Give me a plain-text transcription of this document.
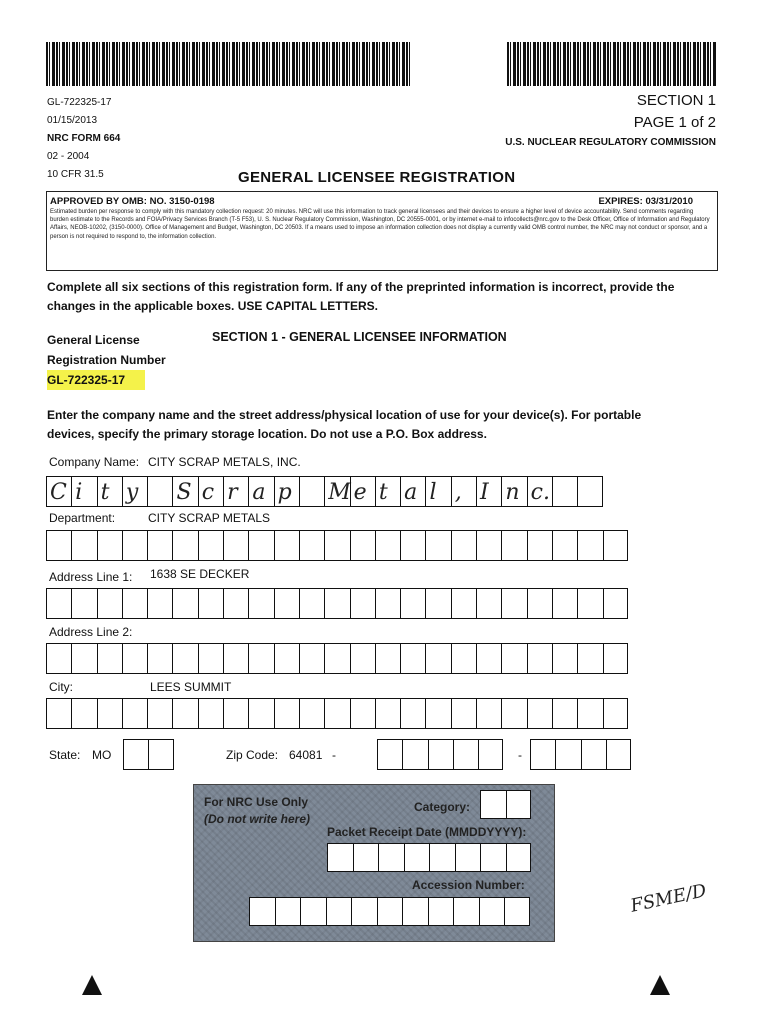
GL-722325-17
01/15/2013
NRC FORM 664
02 - 2004
10 CFR 31.5
SECTION 1
PAGE 1 of 2
U.S. NUCLEAR REGULATORY COMMISSION
GENERAL LICENSEE REGISTRATION
APPROVED BY OMB: NO. 3150-0198	EXPIRES: 03/31/2010
Estimated burden per response to comply with this mandatory collection request: 20 minutes. NRC will use this information to track general licensees and their devices to ensure a higher level of device accountability. Send comments regarding burden estimate to the Records and FOIA/Privacy Services Branch (T-5 F53), U. S. Nuclear Regulatory Commission, Washington, DC 20555-0001, or by internet e-mail to infocollects@nrc.gov to the Desk Officer, Office of Information and Regulatory Affairs, NEOB-10202, (3150-0000). Office of Management and Budget, Washington, DC 20503. If a means used to impose an information collection does not display a currently valid OMB control number, the NRC may not conduct or sponsor, and a person is not required to respond to, the information collection.
Complete all six sections of this registration form. If any of the preprinted information is incorrect, provide the changes in the applicable boxes. USE CAPITAL LETTERS.
General License
Registration Number
GL-722325-17
SECTION 1 - GENERAL LICENSEE INFORMATION
Enter the company name and the street address/physical location of use for your device(s). For portable devices, specify the primary storage location. Do not use a P.O. Box address.
Company Name: CITY SCRAP METALS, INC.
C i t y S c r a p M e t a l , I n c.
Department:	CITY SCRAP METALS
Address Line 1: 1638 SE DECKER
Address Line 2:
City:	LEES SUMMIT
State: MO	Zip Code: 64081 -	-
For NRC Use Only
(Do not write here)
Category:
Packet Receipt Date (MMDDYYYY):
Accession Number:	FSME/D
